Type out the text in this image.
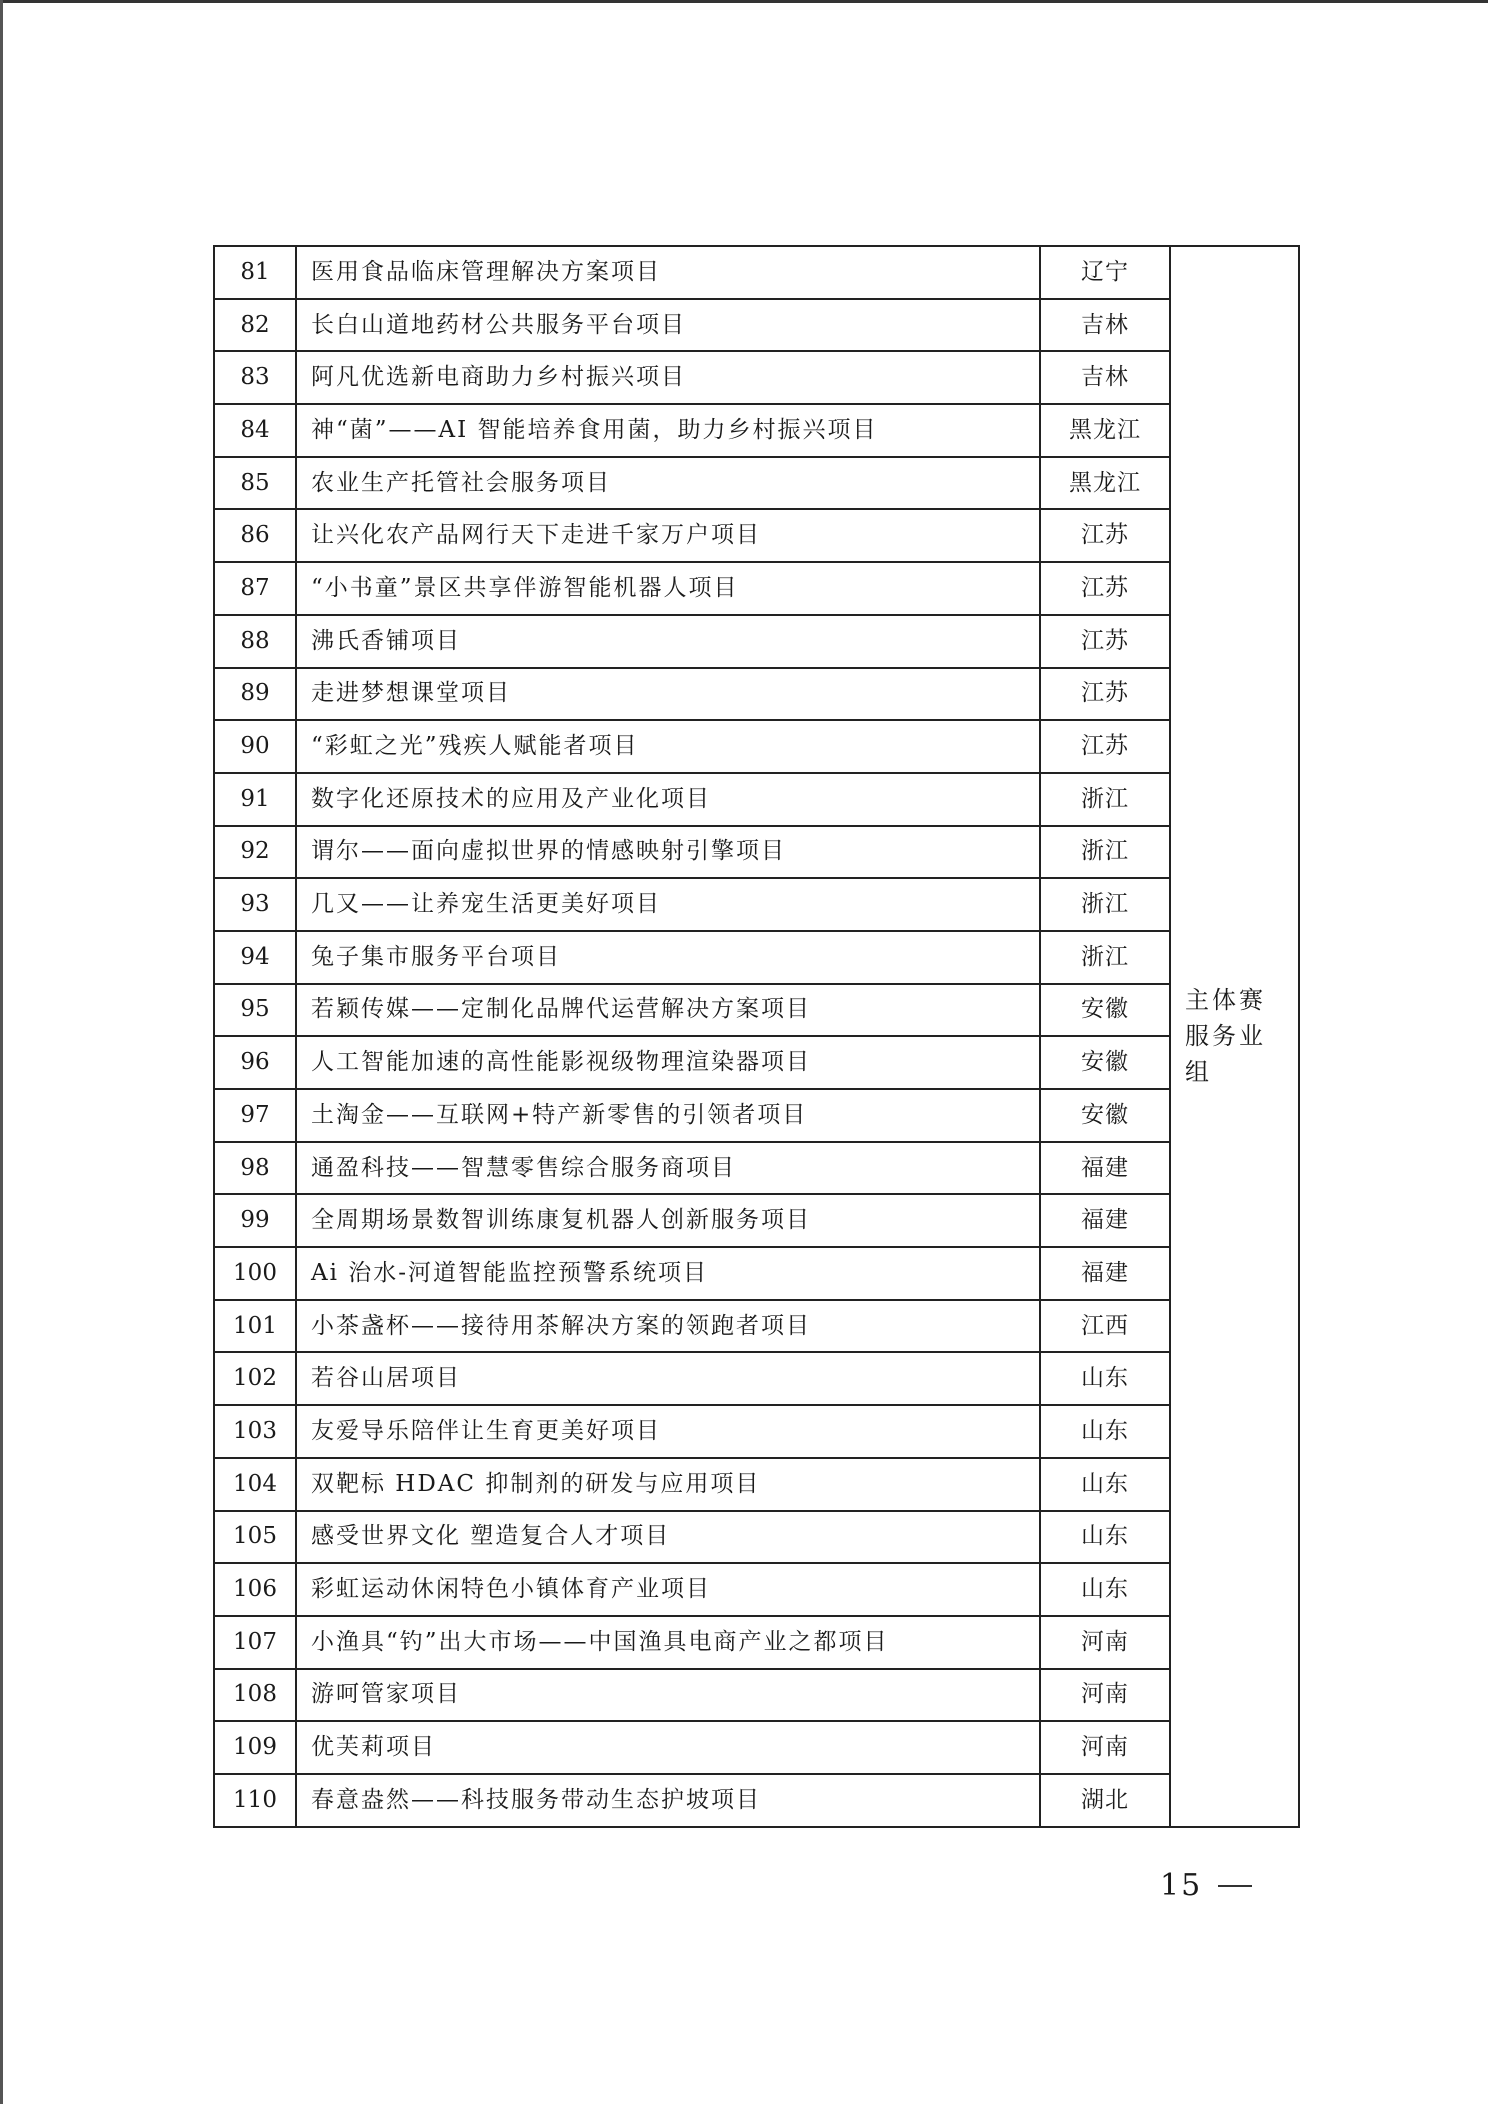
81	医用食品临床管理解决方案项目	辽宁	主体赛服务业组
82	长白山道地药材公共服务平台项目	吉林	
83	阿凡优选新电商助力乡村振兴项目	吉林	
84	神“菌”——AI 智能培养食用菌，助力乡村振兴项目	黑龙江	
85	农业生产托管社会服务项目	黑龙江	
86	让兴化农产品网行天下走进千家万户项目	江苏	
87	“小书童”景区共享伴游智能机器人项目	江苏	
88	沸氏香铺项目	江苏	
89	走进梦想课堂项目	江苏	
90	“彩虹之光”残疾人赋能者项目	江苏	
91	数字化还原技术的应用及产业化项目	浙江	
92	谓尔——面向虚拟世界的情感映射引擎项目	浙江	
93	几又——让养宠生活更美好项目	浙江	
94	兔子集市服务平台项目	浙江	
95	若颖传媒——定制化品牌代运营解决方案项目	安徽	
96	人工智能加速的高性能影视级物理渲染器项目	安徽	
97	土淘金——互联网+特产新零售的引领者项目	安徽	
98	通盈科技——智慧零售综合服务商项目	福建	
99	全周期场景数智训练康复机器人创新服务项目	福建	
100	Ai 治水-河道智能监控预警系统项目	福建	
101	小茶盏杯——接待用茶解决方案的领跑者项目	江西	
102	若谷山居项目	山东	
103	友爱导乐陪伴让生育更美好项目	山东	
104	双靶标 HDAC 抑制剂的研发与应用项目	山东	
105	感受世界文化 塑造复合人才项目	山东	
106	彩虹运动休闲特色小镇体育产业项目	山东	
107	小渔具“钓”出大市场——中国渔具电商产业之都项目	河南	
108	游呵管家项目	河南	
109	优芙莉项目	河南	
110	春意盎然——科技服务带动生态护坡项目	湖北	
15
